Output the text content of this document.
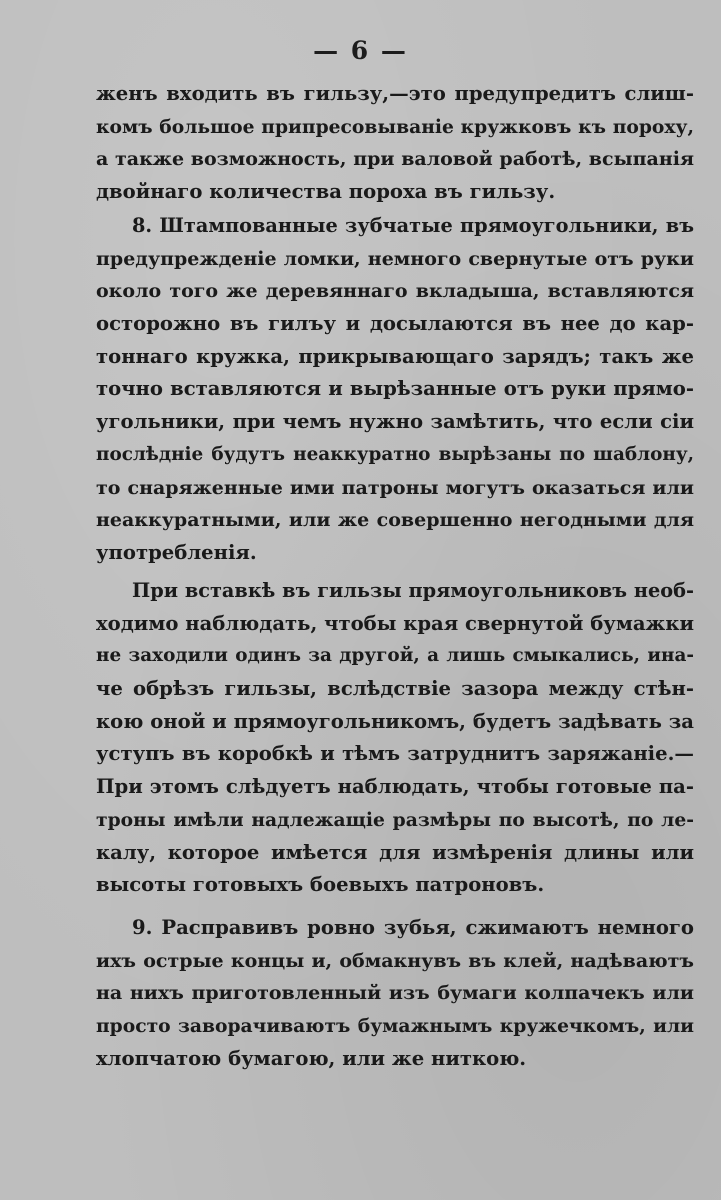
— 6 —
женъ входить въ гильзу,—это предупредитъ слиш-
комъ большое припресовыванiе кружковъ къ пороху,
а также возможность, при валовой работѣ, всыпанiя
двойнаго количества пороха въ гильзу.
8. Штампованные зубчатые прямоугольники, въ
предупрежденiе ломки, немного свернутые отъ руки
около того же деревяннаго вкладыша, вставляются
осторожно въ гилъу и досылаются въ нее до кар-
тоннаго кружка, прикрывающаго зарядъ; такъ же
точно вставляются и вырѣзанные отъ руки прямо-
угольники, при чемъ нужно замѣтить, что если сiи
послѣднiе будутъ неаккуратно вырѣзаны по шаблону,
то снаряженные ими патроны могутъ оказаться или
неаккуратными, или же совершенно негодными для
употребленiя.
При вставкѣ въ гильзы прямоугольниковъ необ-
ходимо наблюдать, чтобы края свернутой бумажки
не заходили одинъ за другой, а лишь смыкались, ина-
че обрѣзъ гильзы, вслѣдствiе зазора между стѣн-
кою оной и прямоугольникомъ, будетъ задѣвать за
уступъ въ коробкѣ и тѣмъ затруднитъ заряжанiе.—
При этомъ слѣдуетъ наблюдать, чтобы готовые па-
троны имѣли надлежащiе размѣры по высотѣ, по ле-
калу, которое имѣется для измѣренiя длины или
высоты готовыхъ боевыхъ патроновъ.
9. Расправивъ ровно зубья, сжимаютъ немного
ихъ острые концы и, обмакнувъ въ клей, надѣваютъ
на нихъ приготовленный изъ бумаги колпачекъ или
просто заворачиваютъ бумажнымъ кружечкомъ, или
хлопчатою бумагою, или же ниткою.
